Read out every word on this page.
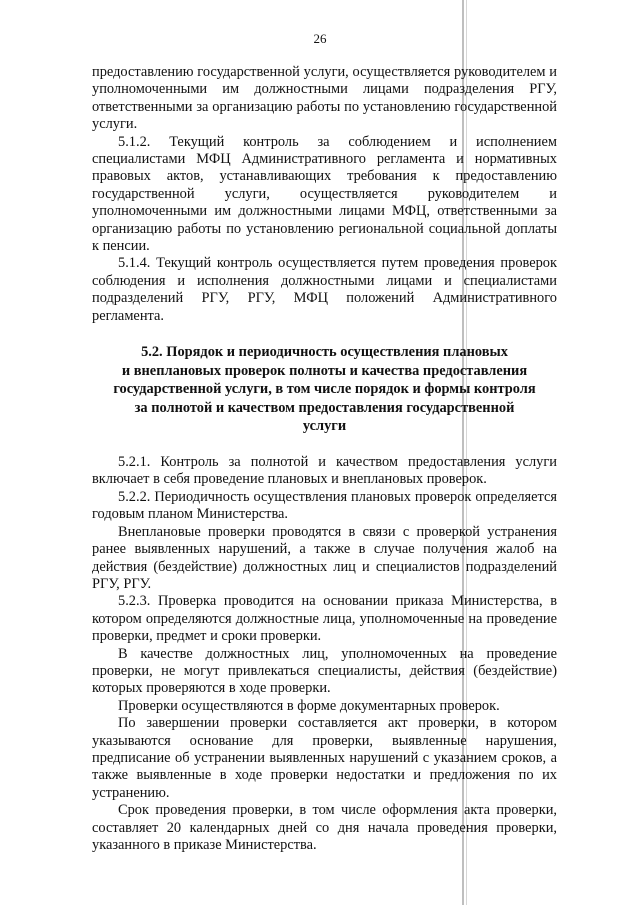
26

предоставлению государственной услуги, осуществляется руководителем и уполномоченными им должностными лицами подразделения РГУ, ответственными за организацию работы по установлению государственной услуги.

5.1.2. Текущий контроль за соблюдением и исполнением специалистами МФЦ Административного регламента и нормативных правовых актов, устанавливающих требования к предоставлению государственной услуги, осуществляется руководителем и уполномоченными им должностными лицами МФЦ, ответственными за организацию работы по установлению региональной социальной доплаты к пенсии.

5.1.4. Текущий контроль осуществляется путем проведения проверок соблюдения и исполнения должностными лицами и специалистами подразделений РГУ, РГУ, МФЦ положений Административного регламента.

5.2. Порядок и периодичность осуществления плановых
и внеплановых проверок полноты и качества предоставления
государственной услуги, в том числе порядок и формы контроля
за полнотой и качеством предоставления государственной
услуги

5.2.1. Контроль за полнотой и качеством предоставления услуги включает в себя проведение плановых и внеплановых проверок.

5.2.2. Периодичность осуществления плановых проверок определяется годовым планом Министерства.

Внеплановые проверки проводятся в связи с проверкой устранения ранее выявленных нарушений, а также в случае получения жалоб на действия (бездействие) должностных лиц и специалистов подразделений РГУ, РГУ.

5.2.3. Проверка проводится на основании приказа Министерства, в котором определяются должностные лица, уполномоченные на проведение проверки, предмет и сроки проверки.

В качестве должностных лиц, уполномоченных на проведение проверки, не могут привлекаться специалисты, действия (бездействие) которых проверяются в ходе проверки.

Проверки осуществляются в форме документарных проверок.

По завершении проверки составляется акт проверки, в котором указываются основание для проверки, выявленные нарушения, предписание об устранении выявленных нарушений с указанием сроков, а также выявленные в ходе проверки недостатки и предложения по их устранению.

Срок проведения проверки, в том числе оформления акта проверки, составляет 20 календарных дней со дня начала проведения проверки, указанного в приказе Министерства.
